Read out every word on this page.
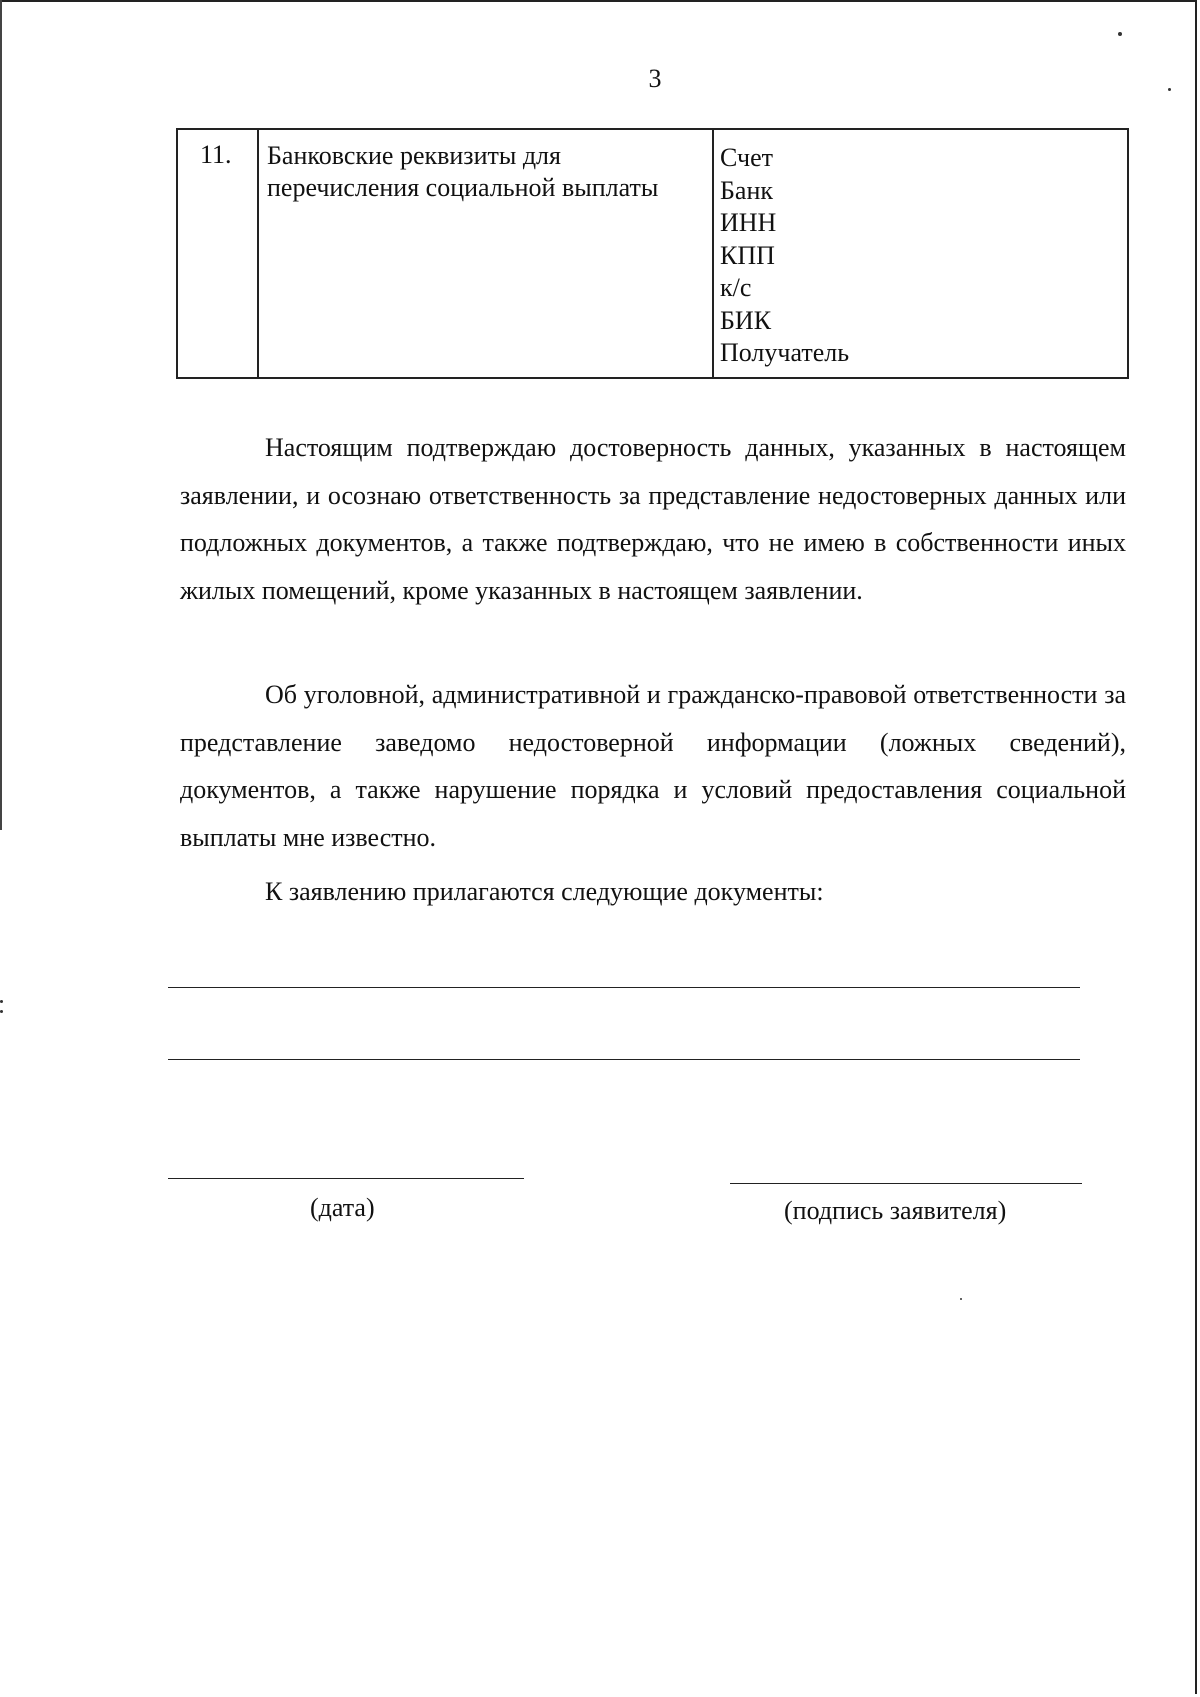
3
11. Банковские реквизиты для перечисления социальной выплаты
Счет
Банк
ИНН
КПП
к/с
БИК
Получатель

Настоящим подтверждаю достоверность данных, указанных в настоящем заявлении, и осознаю ответственность за представление недостоверных данных или подложных документов, а также подтверждаю, что не имею в собственности иных жилых помещений, кроме указанных в настоящем заявлении.

Об уголовной, административной и гражданско-правовой ответственности за представление заведомо недостоверной информации (ложных сведений), документов, а также нарушение порядка и условий предоставления социальной выплаты мне известно.

К заявлению прилагаются следующие документы:

(дата)	(подпись заявителя)
